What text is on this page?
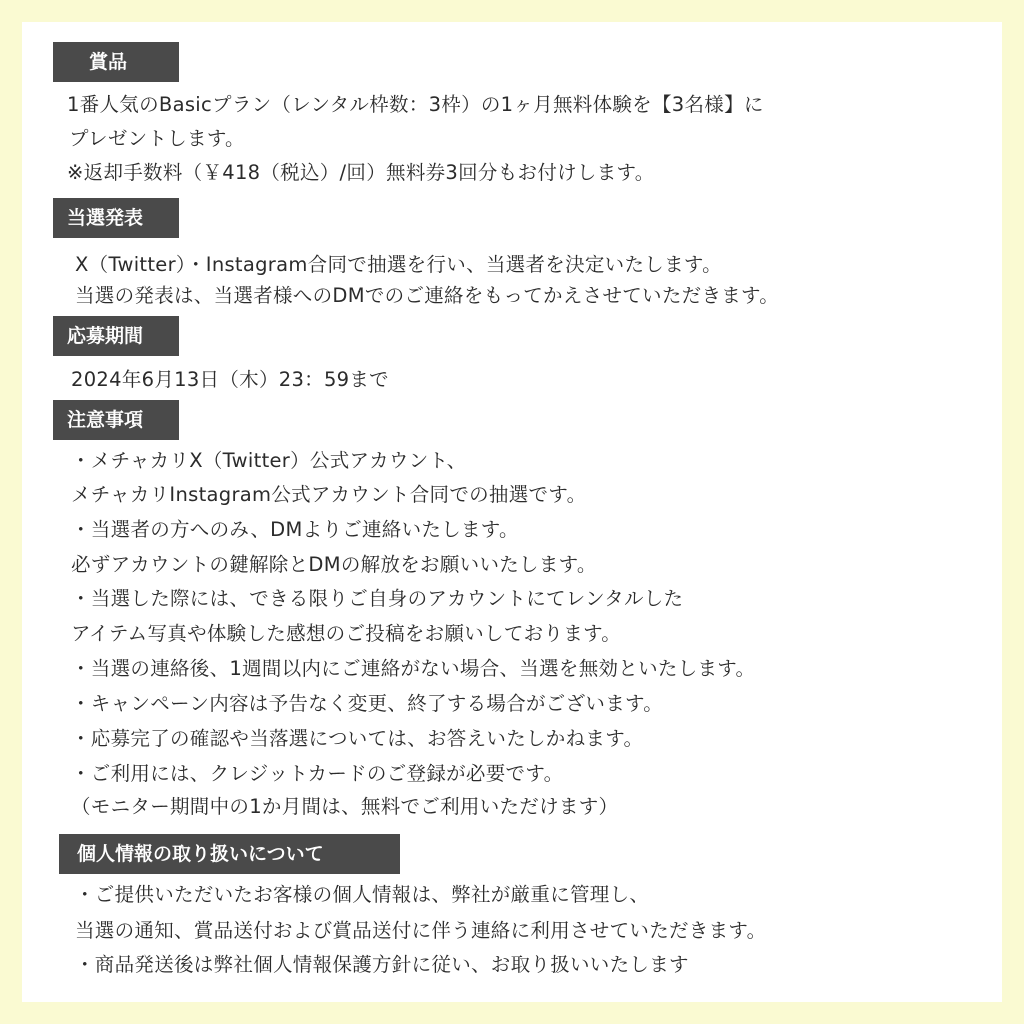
賞品
1番人気のBasicプラン（レンタル枠数：3枠）の1ヶ月無料体験を【3名様】に
プレゼントします。
※返却手数料（￥418（税込）/回）無料券3回分もお付けします。
当選発表
X（Twitter）・Instagram合同で抽選を行い、当選者を決定いたします。
当選の発表は、当選者様へのDMでのご連絡をもってかえさせていただきます。
応募期間
2024年6月13日（木）23：59まで
注意事項
・メチャカリX（Twitter）公式アカウント、
メチャカリInstagram公式アカウント合同での抽選です。
・当選者の方へのみ、DMよりご連絡いたします。
必ずアカウントの鍵解除とDMの解放をお願いいたします。
・当選した際には、できる限りご自身のアカウントにてレンタルした
アイテム写真や体験した感想のご投稿をお願いしております。
・当選の連絡後、1週間以内にご連絡がない場合、当選を無効といたします。
・キャンペーン内容は予告なく変更、終了する場合がございます。
・応募完了の確認や当落選については、お答えいたしかねます。
・ご利用には、クレジットカードのご登録が必要です。
（モニター期間中の1か月間は、無料でご利用いただけます）
個人情報の取り扱いについて
・ご提供いただいたお客様の個人情報は、弊社が厳重に管理し、
当選の通知、賞品送付および賞品送付に伴う連絡に利用させていただきます。
・商品発送後は弊社個人情報保護方針に従い、お取り扱いいたします
